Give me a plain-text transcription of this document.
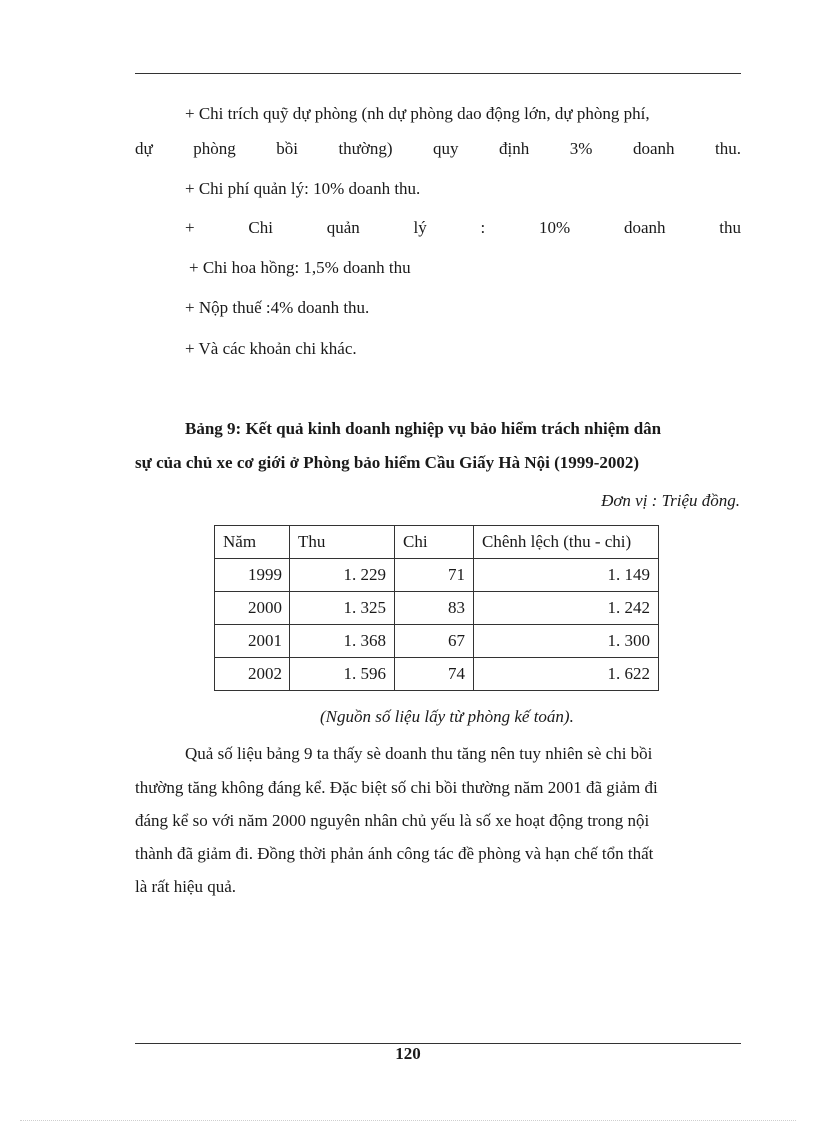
+ Chi trích quỹ dự phòng (nh dự phòng dao động lớn, dự phòng phí,
dự phòng bồi thường) quy định 3% doanh thu.
+ Chi phí quản lý: 10% doanh thu.
+	Chi	quản	lý	:	10%	doanh	thu
+ Chi hoa hồng: 1,5% doanh thu
+ Nộp thuế :4% doanh thu.
+ Và các khoản chi khác.
Bảng 9: Kết quả kinh doanh nghiệp vụ bảo hiểm trách nhiệm dân
sự của chủ xe cơ giới ở Phòng bảo hiểm Cầu Giấy Hà Nội (1999-2002)
Đơn vị : Triệu đồng.
Năm	Thu	Chi	Chênh lệch (thu - chi)
1999	1. 229	71	1. 149
2000	1. 325	83	1. 242
2001	1. 368	67	1. 300
2002	1. 596	74	1. 622
(Nguồn số liệu lấy từ phòng kế toán).
Quả số liệu bảng 9 ta thấy sè doanh thu tăng nên tuy nhiên sè chi bồi
thường tăng không đáng kể. Đặc biệt số chi bồi thường năm 2001 đã giảm đi
đáng kể so với năm 2000 nguyên nhân chủ yếu là số xe hoạt động trong nội
thành đã giảm đi. Đồng thời phản ánh công tác đề phòng và hạn chế tổn thất
là rất hiệu quả.
120
